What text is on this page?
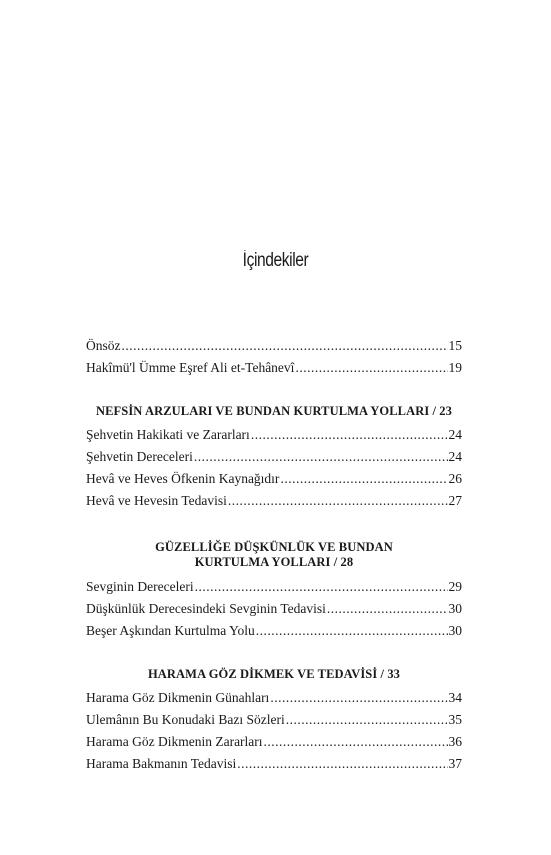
İçindekiler
Önsöz .....	15
Hakîmü'l Ümme Eşref Ali et-Tehânevî .....	19
NEFSİN ARZULARI VE BUNDAN KURTULMA YOLLARI / 23
Şehvetin Hakikati ve Zararları .....	24
Şehvetin Dereceleri .....	24
Hevâ ve Heves Öfkenin Kaynağıdır .....	26
Hevâ ve Hevesin Tedavisi .....	27
GÜZELLİĞE DÜŞKÜNLÜK VE BUNDAN
KURTULMA YOLLARI / 28
Sevginin Dereceleri .....	29
Düşkünlük Derecesindeki Sevginin Tedavisi .....	30
Beşer Aşkından Kurtulma Yolu .....	30
HARAMA GÖZ DİKMEK VE TEDAVİSİ / 33
Harama Göz Dikmenin Günahları .....	34
Ulemânın Bu Konudaki Bazı Sözleri .....	35
Harama Göz Dikmenin Zararları .....	36
Harama Bakmanın Tedavisi .....	37
